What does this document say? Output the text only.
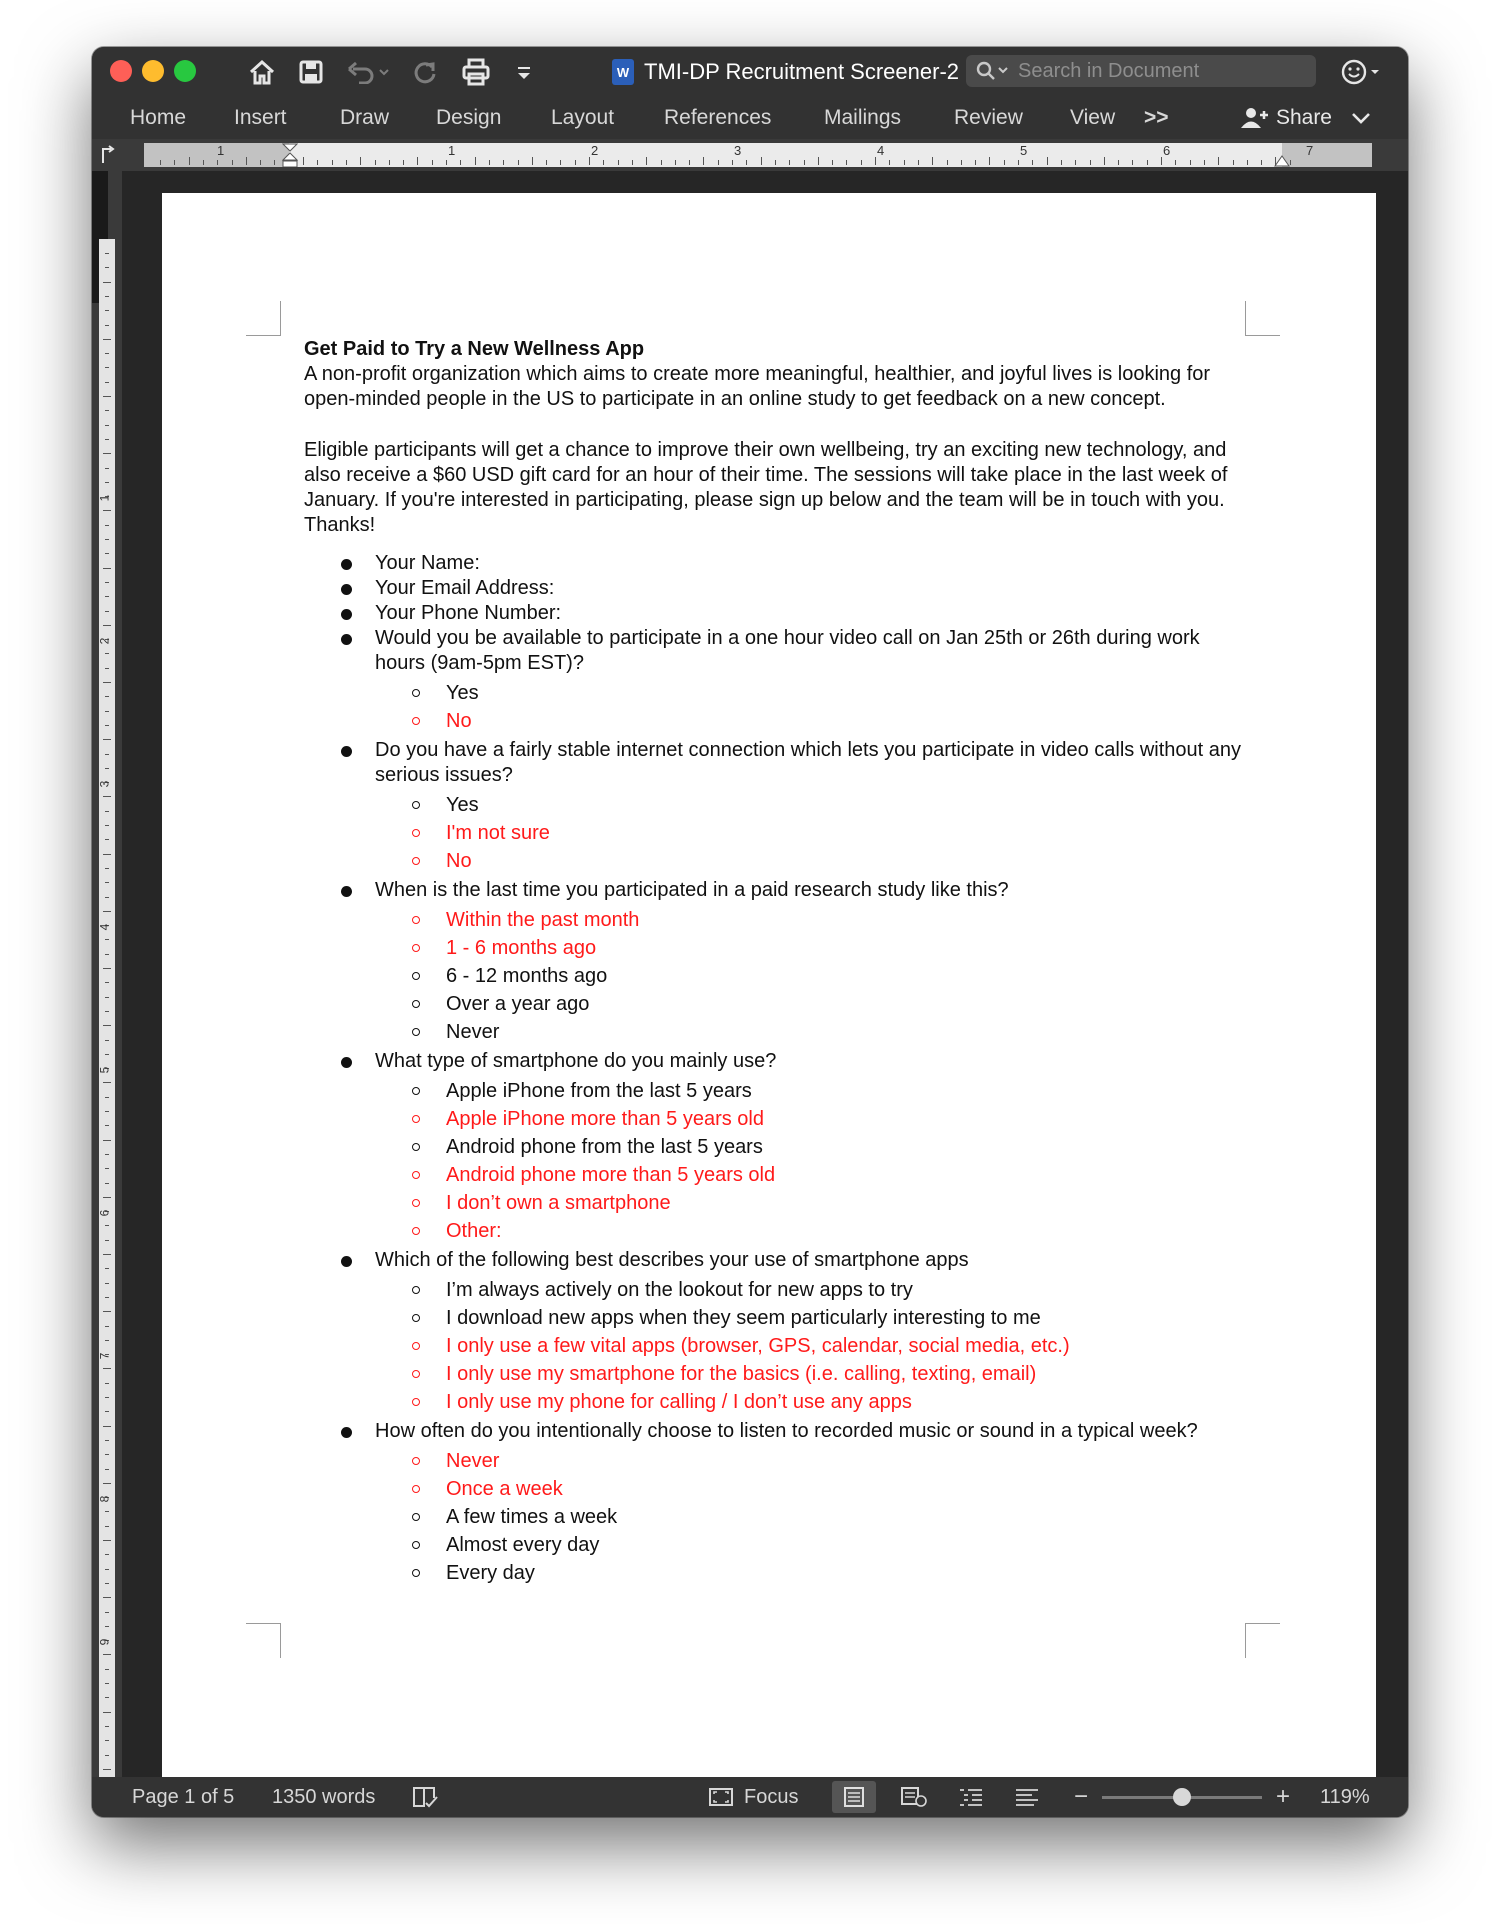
W TMI-DP Recruitment Screener-2	Search in Document
Home Insert	Draw Design Layout References	Mailings	Review View >>	Share
1	1	2	3	4	5	6	7
1
2
3
4
5
6
7
8
9
Get Paid to Try a New Wellness App

A non-profit organization which aims to create more meaningful, healthier, and joyful lives is looking for open-minded people in the US to participate in an online study to get feedback on a new concept.

Eligible participants will get a chance to improve their own wellbeing, try an exciting new technology, and also receive a $60 USD gift card for an hour of their time. The sessions will take place in the last week of January. If you're interested in participating, please sign up below and the team will be in touch with you. Thanks!

Your Name:
Your Email Address:
Your Phone Number:
Would you be available to participate in a one hour video call on Jan 25th or 26th during work hours (9am-5pm EST)?
Yes
No
Do you have a fairly stable internet connection which lets you participate in video calls without any serious issues?
Yes
I'm not sure
No
When is the last time you participated in a paid research study like this?
Within the past month
1 - 6 months ago
6 - 12 months ago
Over a year ago
Never
What type of smartphone do you mainly use?
Apple iPhone from the last 5 years
Apple iPhone more than 5 years old
Android phone from the last 5 years
Android phone more than 5 years old
I don’t own a smartphone
Other:
Which of the following best describes your use of smartphone apps
I’m always actively on the lookout for new apps to try
I download new apps when they seem particularly interesting to me
I only use a few vital apps (browser, GPS, calendar, social media, etc.)
I only use my smartphone for the basics (i.e. calling, texting, email)
I only use my phone for calling / I don’t use any apps
How often do you intentionally choose to listen to recorded music or sound in a typical week?
Never
Once a week
A few times a week
Almost every day
Every day
Page 1 of 5 1350 words	Focus	−	+ 119%
